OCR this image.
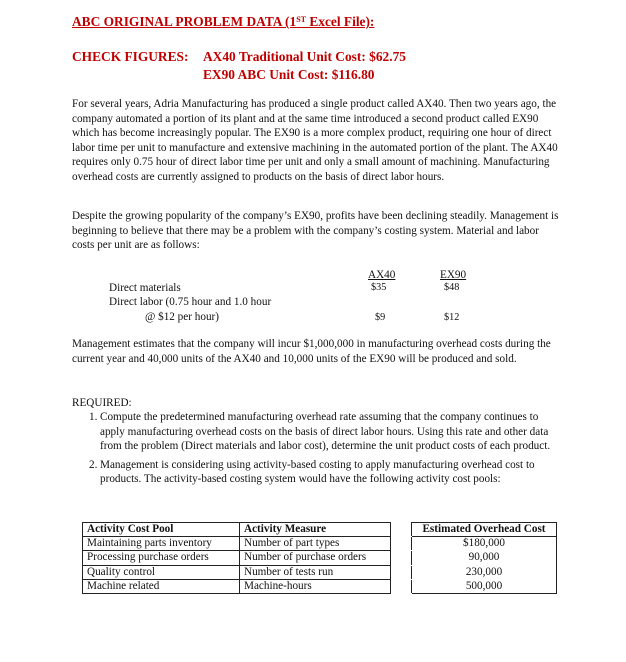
ABC ORIGINAL PROBLEM DATA (1ST Excel File):
CHECK FIGURES: AX40 Traditional Unit Cost: $62.75
EX90 ABC Unit Cost: $116.80
For several years, Adria Manufacturing has produced a single product called AX40. Then two years ago, the company automated a portion of its plant and at the same time introduced a second product called EX90 which has become increasingly popular. The EX90 is a more complex product, requiring one hour of direct labor time per unit to manufacture and extensive machining in the automated portion of the plant. The AX40 requires only 0.75 hour of direct labor time per unit and only a small amount of machining. Manufacturing overhead costs are currently assigned to products on the basis of direct labor hours.
Despite the growing popularity of the company’s EX90, profits have been declining steadily. Management is beginning to believe that there may be a problem with the company’s costing system. Material and labor costs per unit are as follows:
AX40	EX90
Direct materials	$35	$48
Direct labor (0.75 hour and 1.0 hour
@ $12 per hour)	$9	$12
Management estimates that the company will incur $1,000,000 in manufacturing overhead costs during the current year and 40,000 units of the AX40 and 10,000 units of the EX90 will be produced and sold.
REQUIRED:
1. Compute the predetermined manufacturing overhead rate assuming that the company continues to apply manufacturing overhead costs on the basis of direct labor hours. Using this rate and other data from the problem (Direct materials and labor cost), determine the unit product costs of each product.
2. Management is considering using activity-based costing to apply manufacturing overhead cost to products. The activity-based costing system would have the following activity cost pools:
Activity Cost Pool	Activity Measure		Estimated Overhead Cost
Maintaining parts inventory	Number of part types		$180,000
Processing purchase orders	Number of purchase orders		90,000
Quality control	Number of tests run		230,000
Machine related	Machine-hours		500,000
